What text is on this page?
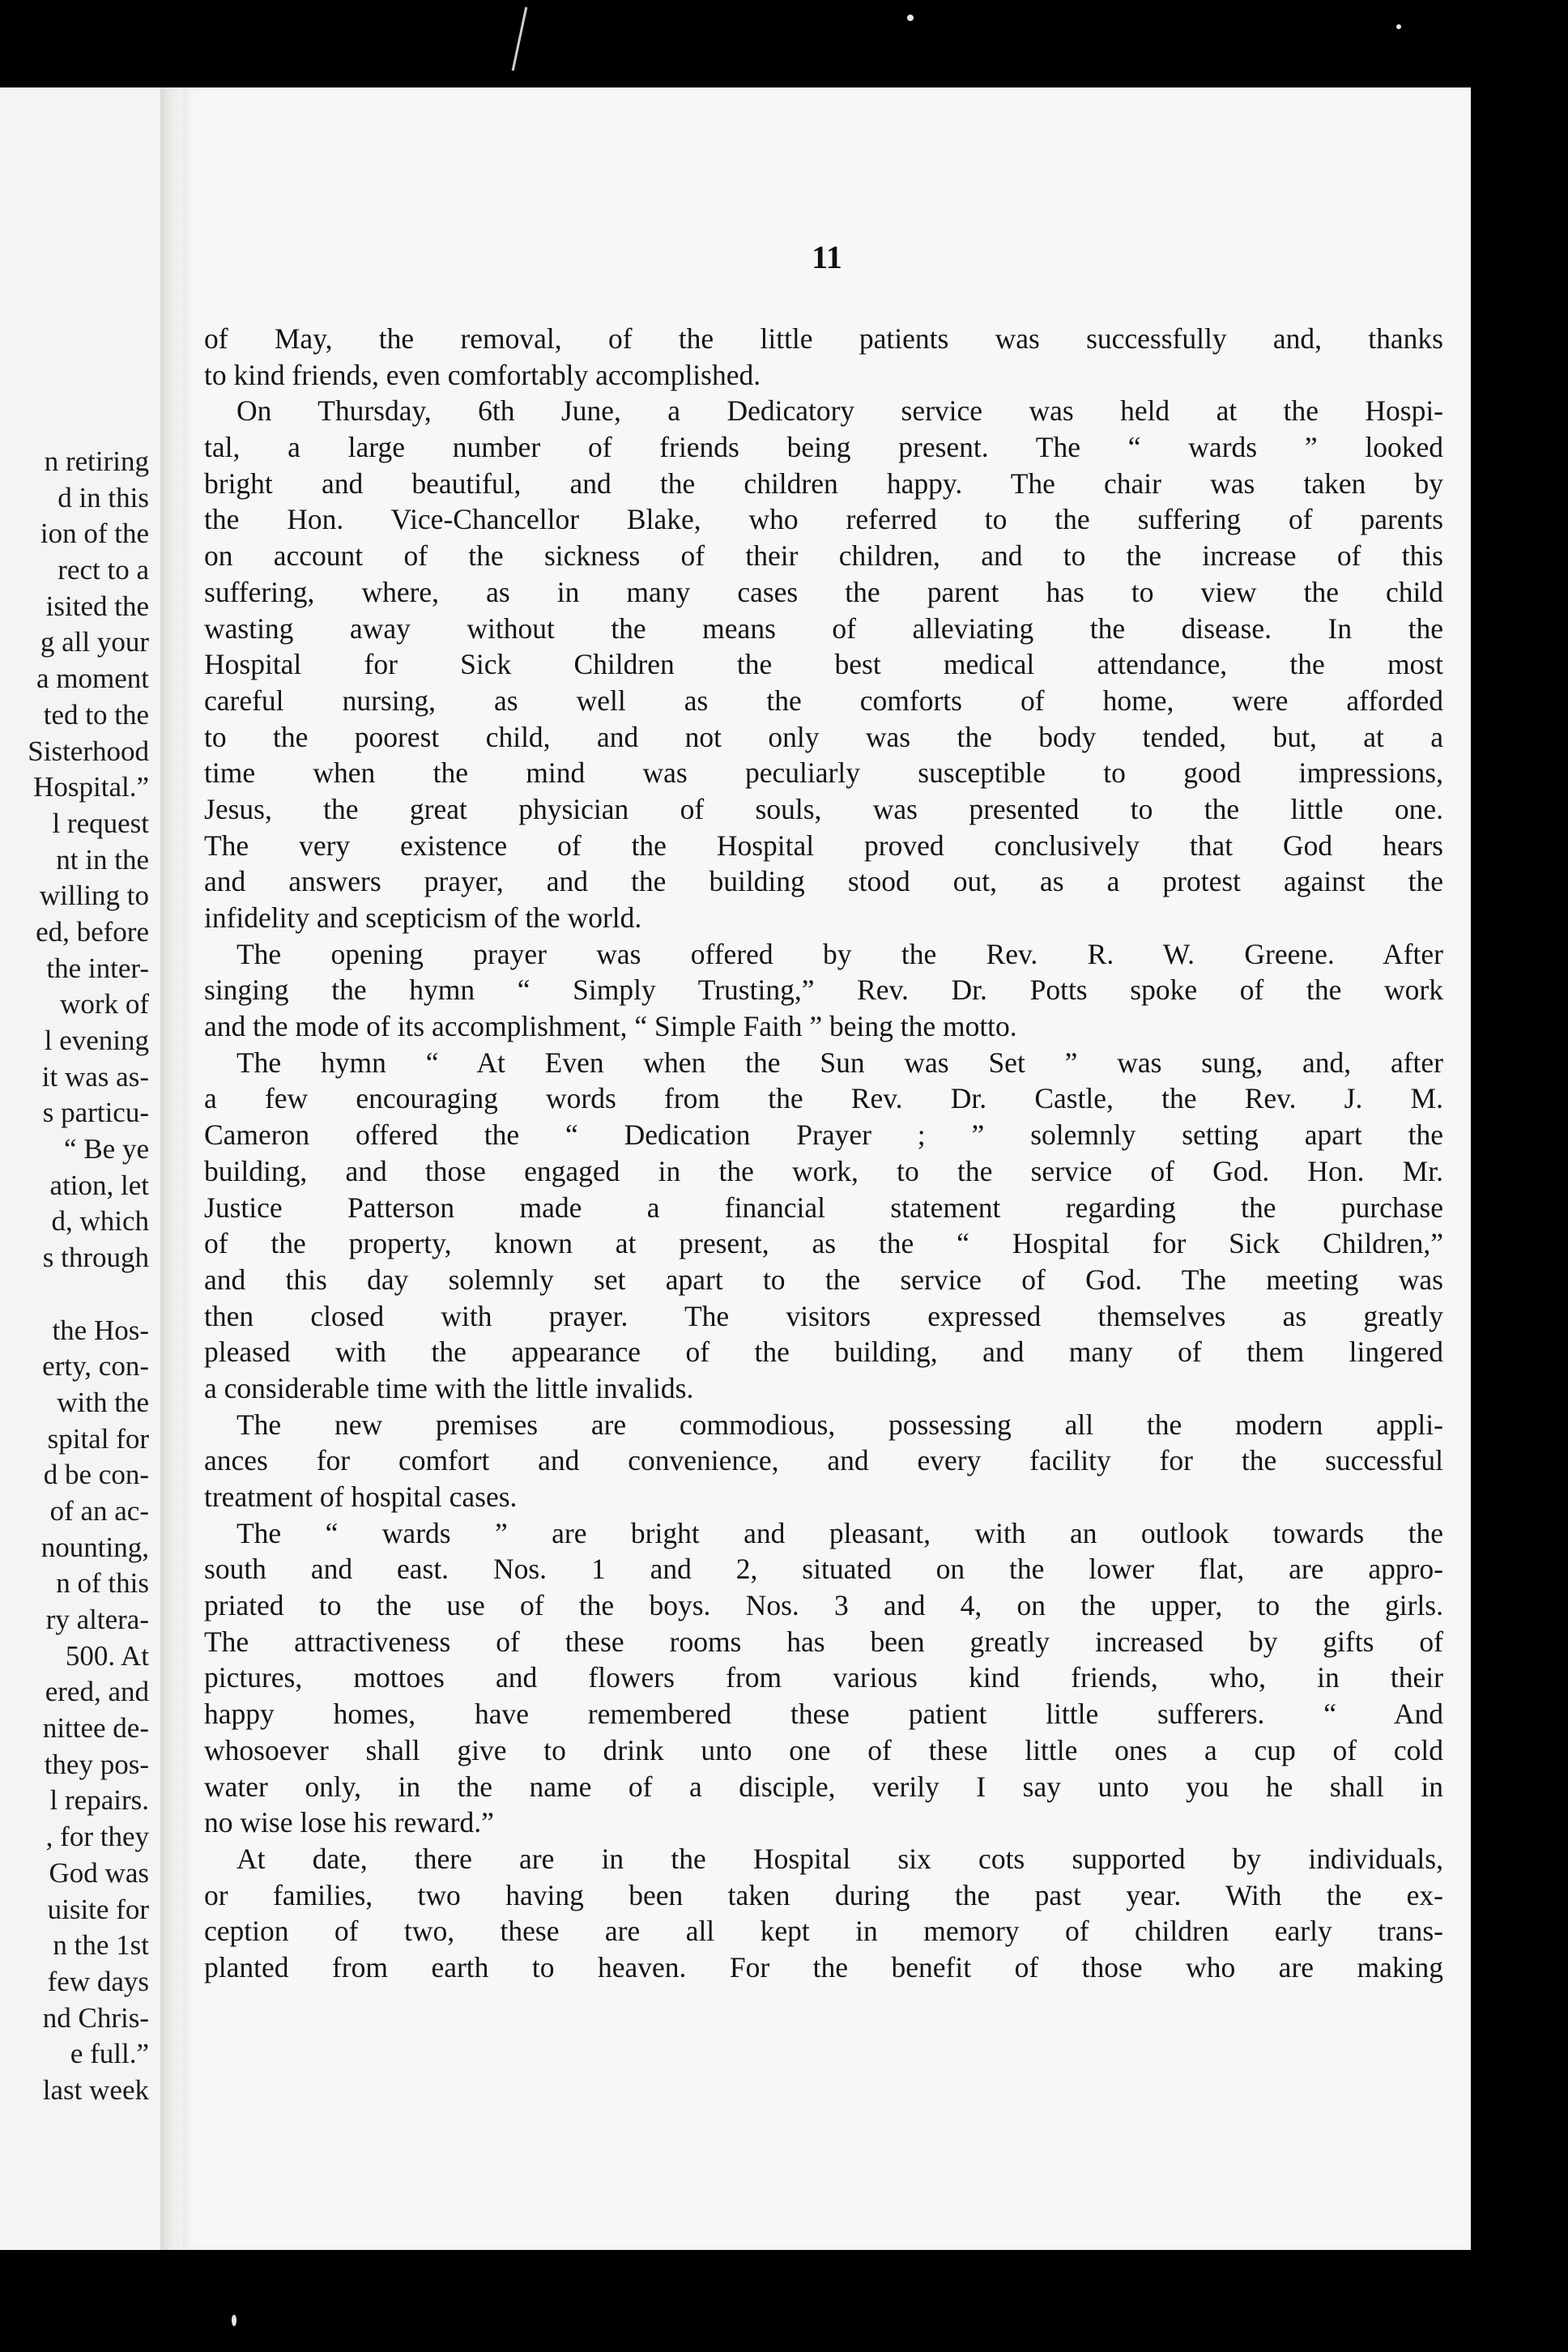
n retiring
d in this
ion of the
rect to a
isited the
g all your
a moment
ted to the
Sisterhood
Hospital.”
l request
nt in the
willing to
ed, before
the inter-
work of
l evening
it was as-
s particu-
“ Be ye
ation, let
d, which
s through
the Hos-
erty, con-
with the
spital for
d be con-
of an ac-
nounting,
n of this
ry altera-
500. At
ered, and
nittee de-
they pos-
l repairs.
, for they
God was
uisite for
n the 1st
few days
nd Chris-
e full.”
last week
11
of May, the removal, of the little patients was successfully and, thanks
to kind friends, even comfortably accomplished.
On Thursday, 6th June, a Dedicatory service was held at the Hospi-
tal, a large number of friends being present. The “ wards ” looked
bright and beautiful, and the children happy. The chair was taken by
the Hon. Vice-Chancellor Blake, who referred to the suffering of parents
on account of the sickness of their children, and to the increase of this
suffering, where, as in many cases the parent has to view the child
wasting away without the means of alleviating the disease. In the
Hospital for Sick Children the best medical attendance, the most
careful nursing, as well as the comforts of home, were afforded
to the poorest child, and not only was the body tended, but, at a
time when the mind was peculiarly susceptible to good impressions,
Jesus, the great physician of souls, was presented to the little one.
The very existence of the Hospital proved conclusively that God hears
and answers prayer, and the building stood out, as a protest against the
infidelity and scepticism of the world.
The opening prayer was offered by the Rev. R. W. Greene. After
singing the hymn “ Simply Trusting,” Rev. Dr. Potts spoke of the work
and the mode of its accomplishment, “ Simple Faith ” being the motto.
The hymn “ At Even when the Sun was Set ” was sung, and, after
a few encouraging words from the Rev. Dr. Castle, the Rev. J. M.
Cameron offered the “ Dedication Prayer ; ” solemnly setting apart the
building, and those engaged in the work, to the service of God. Hon. Mr.
Justice Patterson made a financial statement regarding the purchase
of the property, known at present, as the “ Hospital for Sick Children,”
and this day solemnly set apart to the service of God. The meeting was
then closed with prayer. The visitors expressed themselves as greatly
pleased with the appearance of the building, and many of them lingered
a considerable time with the little invalids.
The new premises are commodious, possessing all the modern appli-
ances for comfort and convenience, and every facility for the successful
treatment of hospital cases.
The “ wards ” are bright and pleasant, with an outlook towards the
south and east. Nos. 1 and 2, situated on the lower flat, are appro-
priated to the use of the boys. Nos. 3 and 4, on the upper, to the girls.
The attractiveness of these rooms has been greatly increased by gifts of
pictures, mottoes and flowers from various kind friends, who, in their
happy homes, have remembered these patient little sufferers. “ And
whosoever shall give to drink unto one of these little ones a cup of cold
water only, in the name of a disciple, verily I say unto you he shall in
no wise lose his reward.”
At date, there are in the Hospital six cots supported by individuals,
or families, two having been taken during the past year. With the ex-
ception of two, these are all kept in memory of children early trans-
planted from earth to heaven. For the benefit of those who are making
